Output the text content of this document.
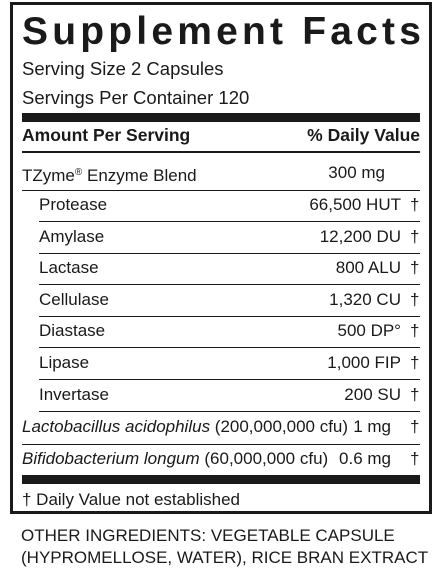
Supplement Facts
Serving Size 2 Capsules
Servings Per Container 120
Amount Per Serving	% Daily Value
TZyme® Enzyme Blend	300 mg
Protease	66,500 HUT †
Amylase	12,200 DU †
Lactase	800 ALU †
Cellulase	1,320 CU †
Diastase	500 DP° †
Lipase	1,000 FIP †
Invertase	200 SU †
Lactobacillus acidophilus (200,000,000 cfu) 1 mg †
Bifidobacterium longum (60,000,000 cfu) 0.6 mg †
† Daily Value not established
OTHER INGREDIENTS: VEGETABLE CAPSULE
(HYPROMELLOSE, WATER), RICE BRAN EXTRACT
